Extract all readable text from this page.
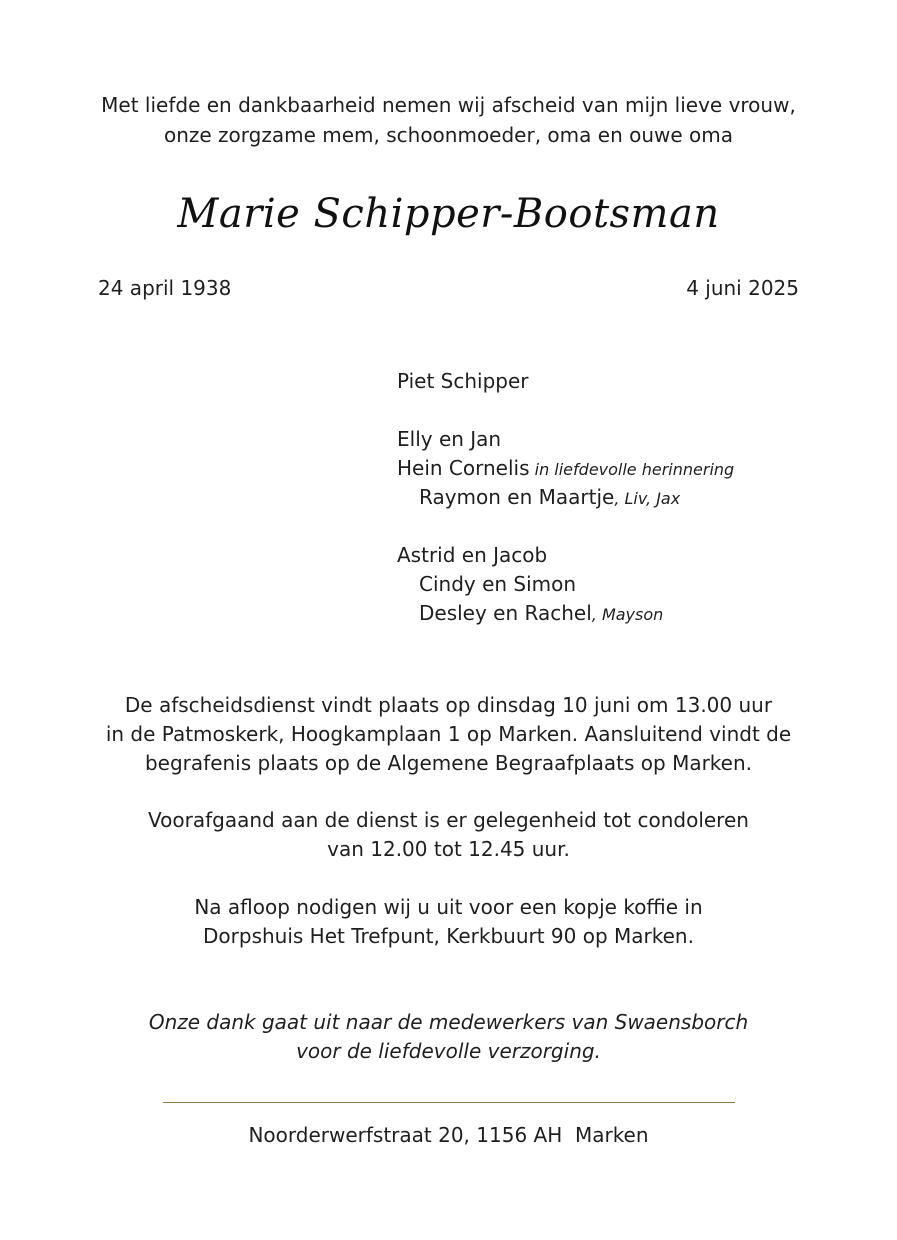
Met liefde en dankbaarheid nemen wij afscheid van mijn lieve vrouw,
onze zorgzame mem, schoonmoeder, oma en ouwe oma
Marie Schipper-Bootsman
24 april 1938	4 juni 2025
Piet Schipper
Elly en Jan
Hein Cornelis in liefdevolle herinnering
Raymon en Maartje, Liv, Jax
Astrid en Jacob
Cindy en Simon
Desley en Rachel, Mayson
De afscheidsdienst vindt plaats op dinsdag 10 juni om 13.00 uur
in de Patmoskerk, Hoogkamplaan 1 op Marken. Aansluitend vindt de
begrafenis plaats op de Algemene Begraafplaats op Marken.
Voorafgaand aan de dienst is er gelegenheid tot condoleren
van 12.00 tot 12.45 uur.
Na afloop nodigen wij u uit voor een kopje koffie in
Dorpshuis Het Trefpunt, Kerkbuurt 90 op Marken.
Onze dank gaat uit naar de medewerkers van Swaensborch
voor de liefdevolle verzorging.
Noorderwerfstraat 20, 1156 AH  Marken
